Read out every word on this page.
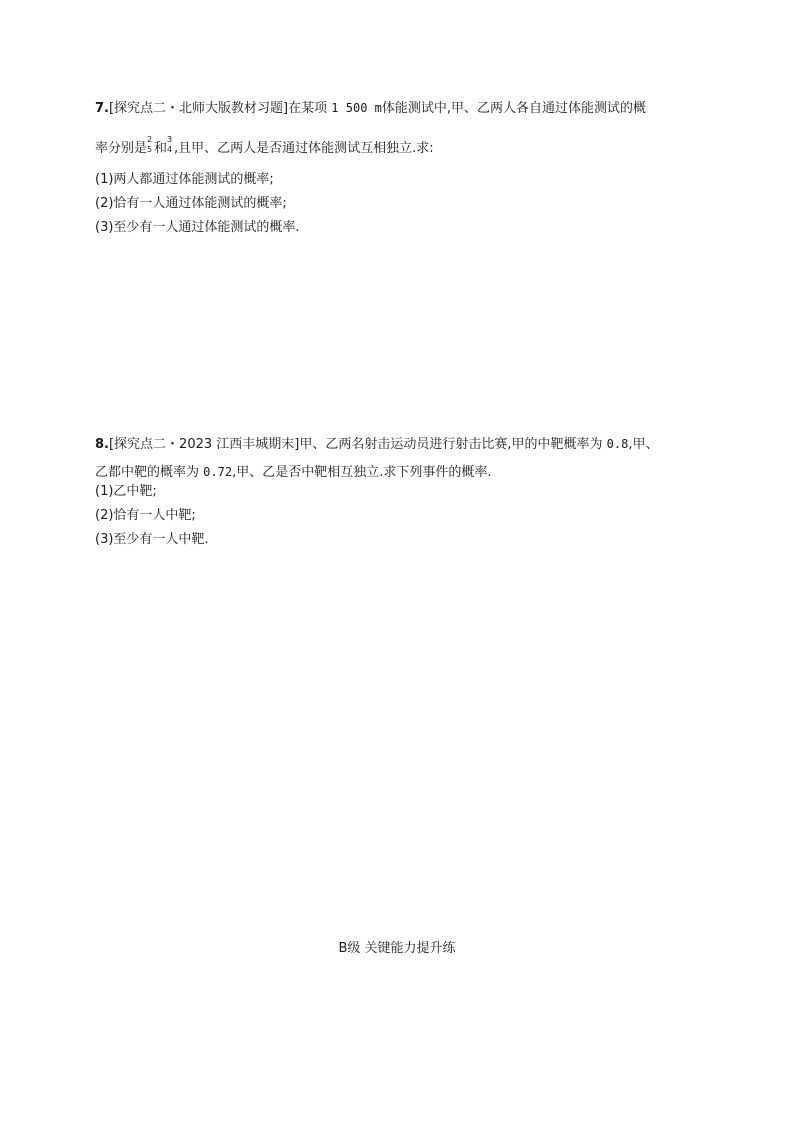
7.[探究点二・北师大版教材习题]在某项 1 500 m体能测试中,甲、乙两人各自通过体能测试的概
率分别是
2
5 和
3
4 ,且甲、乙两人是否通过体能测试互相独立.求:
(1)两人都通过体能测试的概率;
(2)恰有一人通过体能测试的概率;
(3)至少有一人通过体能测试的概率.
8.[探究点二・2023 江西丰城期末]甲、乙两名射击运动员进行射击比赛,甲的中靶概率为 0.8,甲、
乙都中靶的概率为 0.72,甲、乙是否中靶相互独立.求下列事件的概率.
(1)乙中靶;
(2)恰有一人中靶;
(3)至少有一人中靶.
B级 关键能力提升练
